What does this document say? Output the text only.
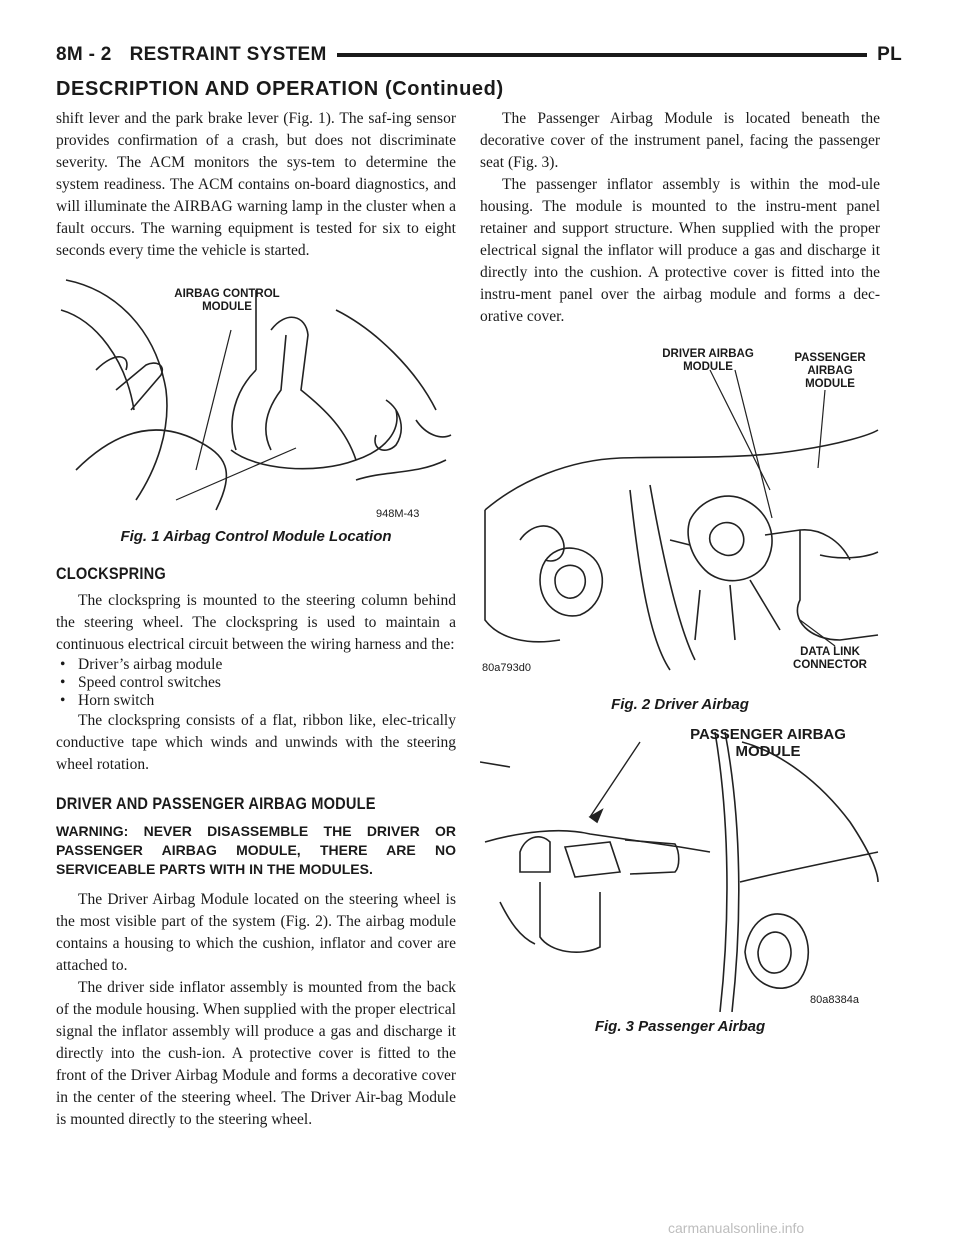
8M - 2 RESTRAINT SYSTEM	PL
DESCRIPTION AND OPERATION (Continued)

shift lever and the park brake lever (Fig. 1). The saf-ing sensor provides confirmation of a crash, but does not discriminate severity. The ACM monitors the sys-tem to determine the system readiness. The ACM contains on-board diagnostics, and will illuminate the AIRBAG warning lamp in the cluster when a fault occurs. The warning equipment is tested for six to eight seconds every time the vehicle is started.

AIRBAG CONTROL
MODULE
948M-43
Fig. 1 Airbag Control Module Location
CLOCKSPRING

The clockspring is mounted to the steering column behind the steering wheel. The clockspring is used to maintain a continuous electrical circuit between the wiring harness and the:

• Driver’s airbag module
• Speed control switches
• Horn switch

The clockspring consists of a flat, ribbon like, elec-trically conductive tape which winds and unwinds with the steering wheel rotation.

DRIVER AND PASSENGER AIRBAG MODULE
WARNING: NEVER DISASSEMBLE THE DRIVER OR PASSENGER AIRBAG MODULE, THERE ARE NO SERVICEABLE PARTS WITH IN THE MODULES.

The Driver Airbag Module located on the steering wheel is the most visible part of the system (Fig. 2). The airbag module contains a housing to which the cushion, inflator and cover are attached to.

The driver side inflator assembly is mounted from the back of the module housing. When supplied with the proper electrical signal the inflator assembly will produce a gas and discharge it directly into the cush-ion. A protective cover is fitted to the front of the Driver Airbag Module and forms a decorative cover in the center of the steering wheel. The Driver Air-bag Module is mounted directly to the steering wheel.

The Passenger Airbag Module is located beneath the decorative cover of the instrument panel, facing the passenger seat (Fig. 3).

The passenger inflator assembly is within the mod-ule housing. The module is mounted to the instru-ment panel retainer and support structure. When supplied with the proper electrical signal the inflator will produce a gas and discharge it directly into the cushion. A protective cover is fitted into the instru-ment panel over the airbag module and forms a dec-orative cover.

DRIVER AIRBAG
MODULE
PASSENGER
AIRBAG
MODULE
DATA LINK
CONNECTOR
80a793d0
Fig. 2 Driver Airbag
PASSENGER AIRBAG
MODULE
80a8384a
Fig. 3 Passenger Airbag
carmanualsonline.info
